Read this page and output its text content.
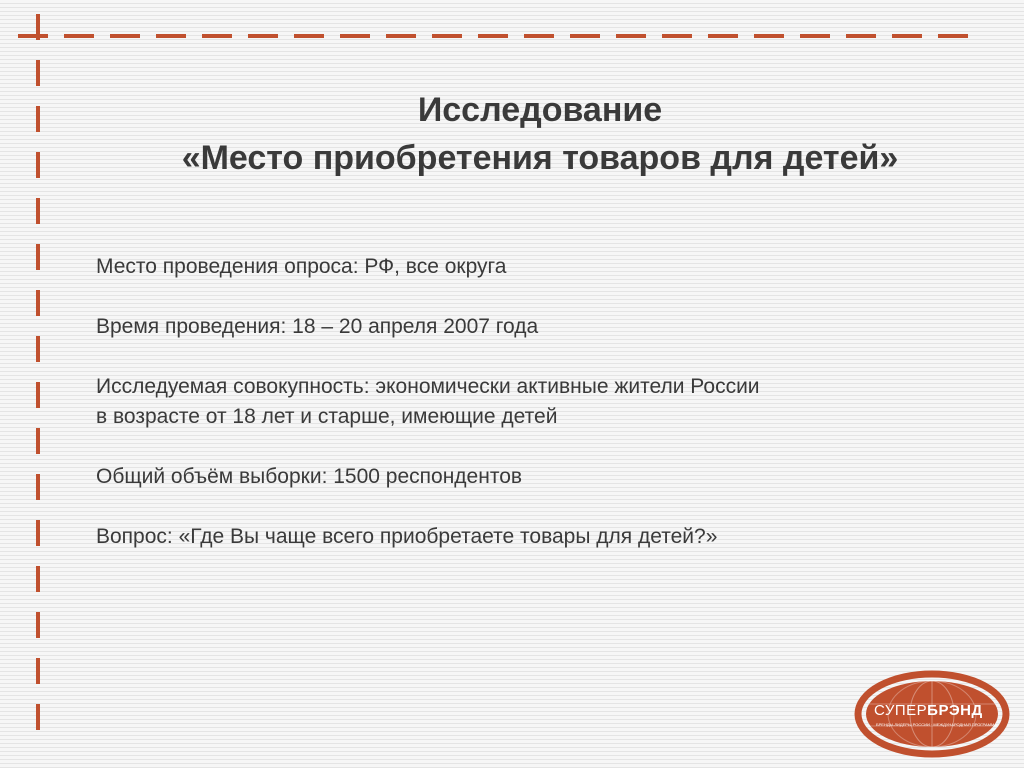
Исследование
«Место приобретения товаров для детей»
Место проведения опроса: РФ, все округа
Время проведения: 18 – 20 апреля 2007 года
Исследуемая совокупность: экономически активные жители России
в возрасте от 18 лет и старше, имеющие детей
Общий объём выборки: 1500 респондентов
Вопрос: «Где Вы чаще всего приобретаете товары для детей?»
СУПЕРБРЭНД
БРЕНДЫ-ЛИДЕРЫ РОССИИ · МЕЖДУНАРОДНАЯ ПРОГРАММА
